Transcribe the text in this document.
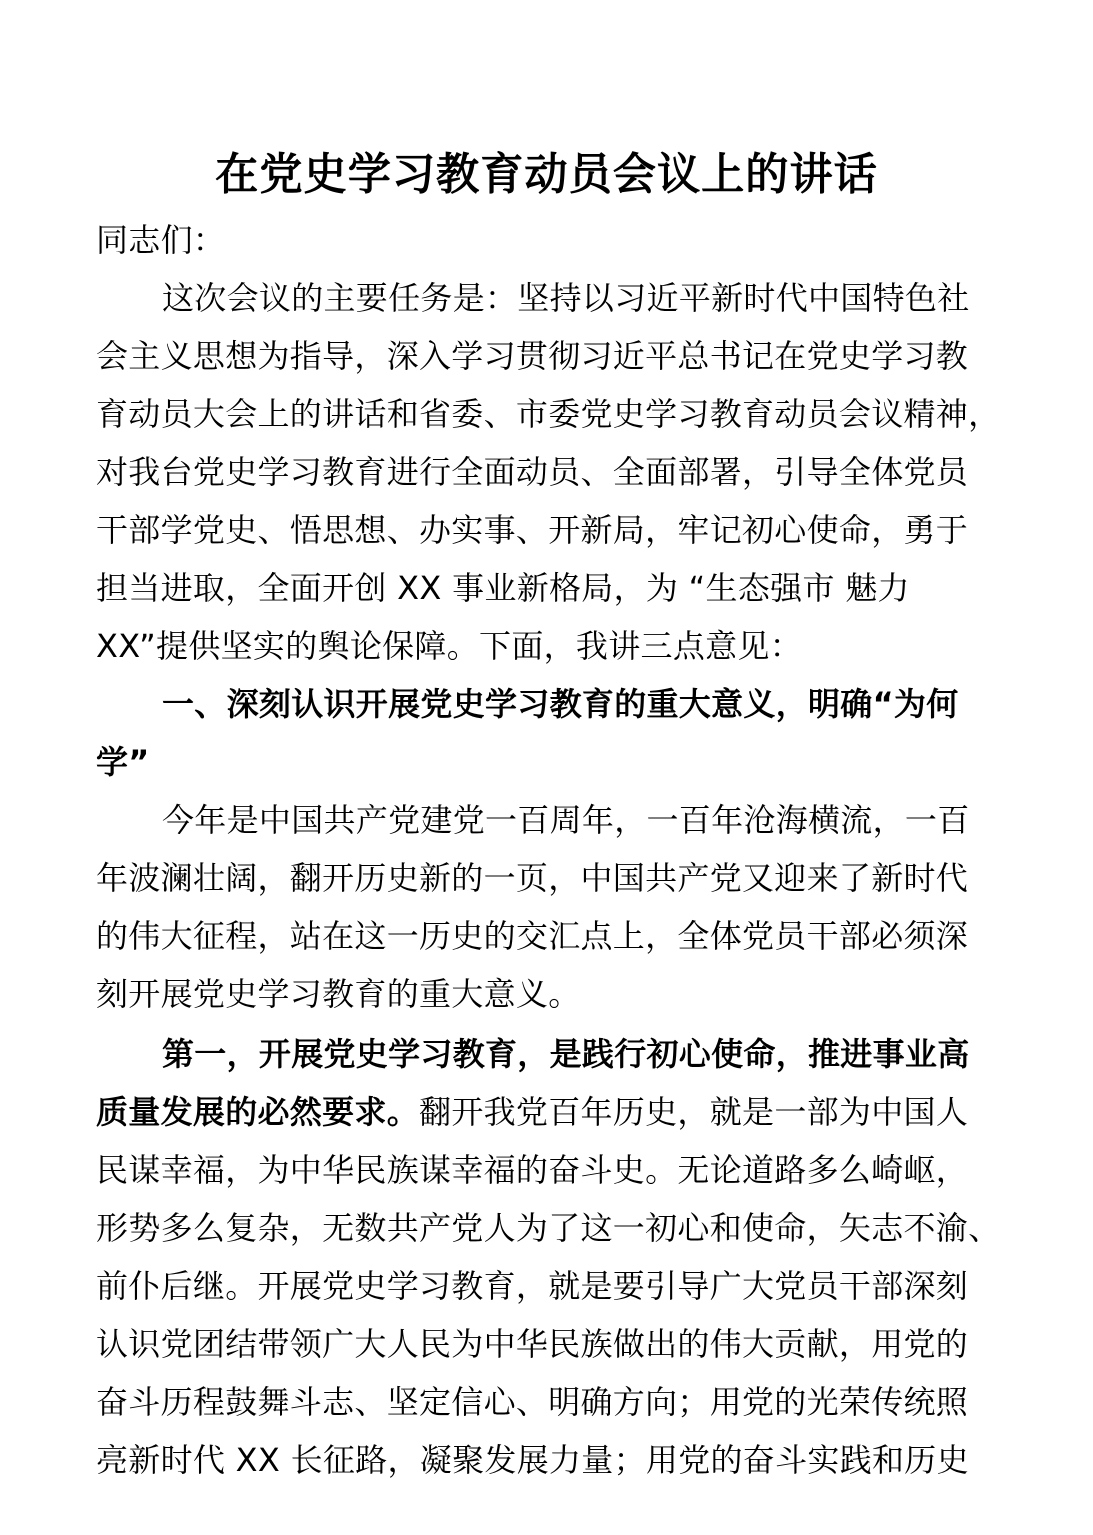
在党史学习教育动员会议上的讲话
同志们：
这次会议的主要任务是：坚持以习近平新时代中国特色社
会主义思想为指导，深入学习贯彻习近平总书记在党史学习教
育动员大会上的讲话和省委、市委党史学习教育动员会议精神，
对我台党史学习教育进行全面动员、全面部署，引导全体党员
干部学党史、悟思想、办实事、开新局，牢记初心使命，勇于
担当进取，全面开创 XX 事业新格局，为 “生态强市 魅力
XX”提供坚实的舆论保障。下面，我讲三点意见：
一、深刻认识开展党史学习教育的重大意义，明确“为何
学”
今年是中国共产党建党一百周年，一百年沧海横流，一百
年波澜壮阔，翻开历史新的一页，中国共产党又迎来了新时代
的伟大征程，站在这一历史的交汇点上，全体党员干部必须深
刻开展党史学习教育的重大意义。
第一，开展党史学习教育，是践行初心使命，推进事业高
质量发展的必然要求。翻开我党百年历史，就是一部为中国人
民谋幸福，为中华民族谋幸福的奋斗史。无论道路多么崎岖，
形势多么复杂，无数共产党人为了这一初心和使命，矢志不渝、
前仆后继。开展党史学习教育，就是要引导广大党员干部深刻
认识党团结带领广大人民为中华民族做出的伟大贡献，用党的
奋斗历程鼓舞斗志、坚定信心、明确方向；用党的光荣传统照
亮新时代 XX 长征路，凝聚发展力量；用党的奋斗实践和历史
